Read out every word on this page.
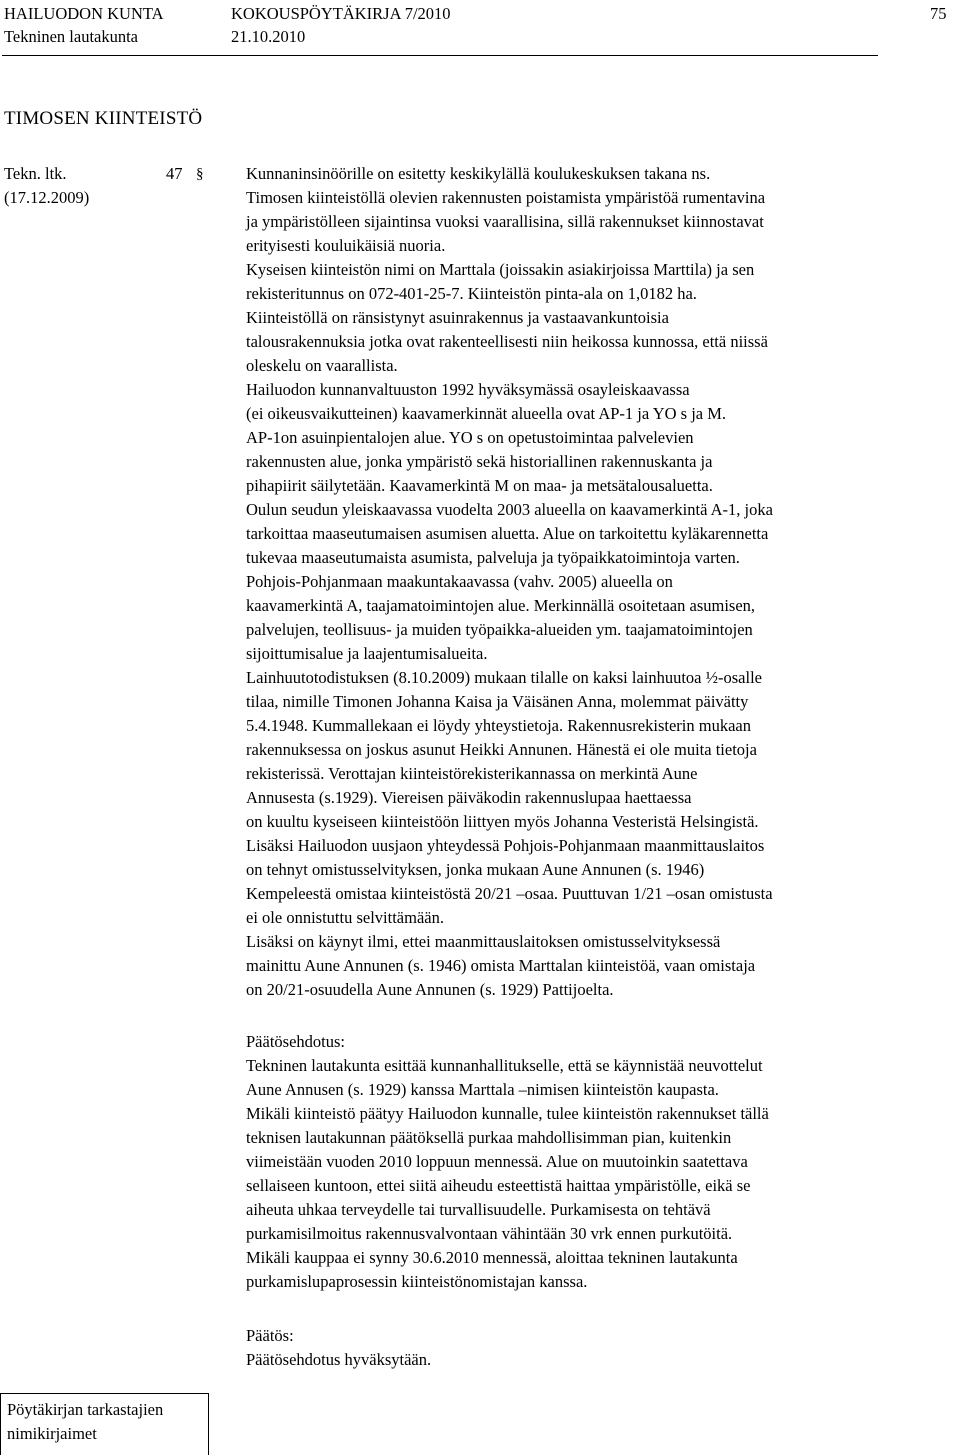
HAILUODON KUNTA	KOKOUSPÖYTÄKIRJA 7/2010	75
Tekninen lautakunta	21.10.2010
TIMOSEN KIINTEISTÖ
Tekn. ltk.
(17.12.2009)
47 §	Kunnaninsinöörille on esitetty keskikylällä koulukeskuksen takana ns.
Timosen kiinteistöllä olevien rakennusten poistamista ympäristöä rumentavina
ja ympäristölleen sijaintinsa vuoksi vaarallisina, sillä rakennukset kiinnostavat
erityisesti kouluikäisiä nuoria.
Kyseisen kiinteistön nimi on Marttala (joissakin asiakirjoissa Marttila) ja sen
rekisteritunnus on 072-401-25-7. Kiinteistön pinta-ala on 1,0182 ha.
Kiinteistöllä on ränsistynyt asuinrakennus ja vastaavankuntoisia
talousrakennuksia jotka ovat rakenteellisesti niin heikossa kunnossa, että niissä
oleskelu on vaarallista.
Hailuodon kunnanvaltuuston 1992 hyväksymässä osayleiskaavassa
(ei oikeusvaikutteinen) kaavamerkinnät alueella ovat AP-1 ja YO s ja M.
AP-1on asuinpientalojen alue. YO s on opetustoimintaa palvelevien
rakennusten alue, jonka ympäristö sekä historiallinen rakennuskanta ja
pihapiirit säilytetään. Kaavamerkintä M on maa- ja metsätalousaluetta.
Oulun seudun yleiskaavassa vuodelta 2003 alueella on kaavamerkintä A-1, joka
tarkoittaa maaseutumaisen asumisen aluetta. Alue on tarkoitettu kyläkarennetta
tukevaa maaseutumaista asumista, palveluja ja työpaikkatoimintoja varten.
Pohjois-Pohjanmaan maakuntakaavassa (vahv. 2005) alueella on
kaavamerkintä A, taajamatoimintojen alue. Merkinnällä osoitetaan asumisen,
palvelujen, teollisuus- ja muiden työpaikka-alueiden ym. taajamatoimintojen
sijoittumisalue ja laajentumisalueita.
Lainhuutotodistuksen (8.10.2009) mukaan tilalle on kaksi lainhuutoa ½-osalle
tilaa, nimille Timonen Johanna Kaisa ja Väisänen Anna, molemmat päivätty
5.4.1948. Kummallekaan ei löydy yhteystietoja. Rakennusrekisterin mukaan
rakennuksessa on joskus asunut Heikki Annunen. Hänestä ei ole muita tietoja
rekisterissä. Verottajan kiinteistörekisterikannassa on merkintä Aune
Annusesta (s.1929). Viereisen päiväkodin rakennuslupaa haettaessa
on kuultu kyseiseen kiinteistöön liittyen myös Johanna Vesteristä Helsingistä.
Lisäksi Hailuodon uusjaon yhteydessä Pohjois-Pohjanmaan maanmittauslaitos
on tehnyt omistusselvityksen, jonka mukaan Aune Annunen (s. 1946)
Kempeleestä omistaa kiinteistöstä 20/21 –osaa. Puuttuvan 1/21 –osan omistusta
ei ole onnistuttu selvittämään.
Lisäksi on käynyt ilmi, ettei maanmittauslaitoksen omistusselvityksessä
mainittu Aune Annunen (s. 1946) omista Marttalan kiinteistöä, vaan omistaja
on 20/21-osuudella Aune Annunen (s. 1929) Pattijoelta.
Päätösehdotus:
Tekninen lautakunta esittää kunnanhallitukselle, että se käynnistää neuvottelut
Aune Annusen (s. 1929) kanssa Marttala –nimisen kiinteistön kaupasta.
Mikäli kiinteistö päätyy Hailuodon kunnalle, tulee kiinteistön rakennukset tällä
teknisen lautakunnan päätöksellä purkaa mahdollisimman pian, kuitenkin
viimeistään vuoden 2010 loppuun mennessä. Alue on muutoinkin saatettava
sellaiseen kuntoon, ettei siitä aiheudu esteettistä haittaa ympäristölle, eikä se
aiheuta uhkaa terveydelle tai turvallisuudelle. Purkamisesta on tehtävä
purkamisilmoitus rakennusvalvontaan vähintään 30 vrk ennen purkutöitä.
Mikäli kauppaa ei synny 30.6.2010 mennessä, aloittaa tekninen lautakunta
purkamislupaprosessin kiinteistönomistajan kanssa.
Päätös:
Päätösehdotus hyväksytään.
Pöytäkirjan tarkastajien
nimikirjaimet
